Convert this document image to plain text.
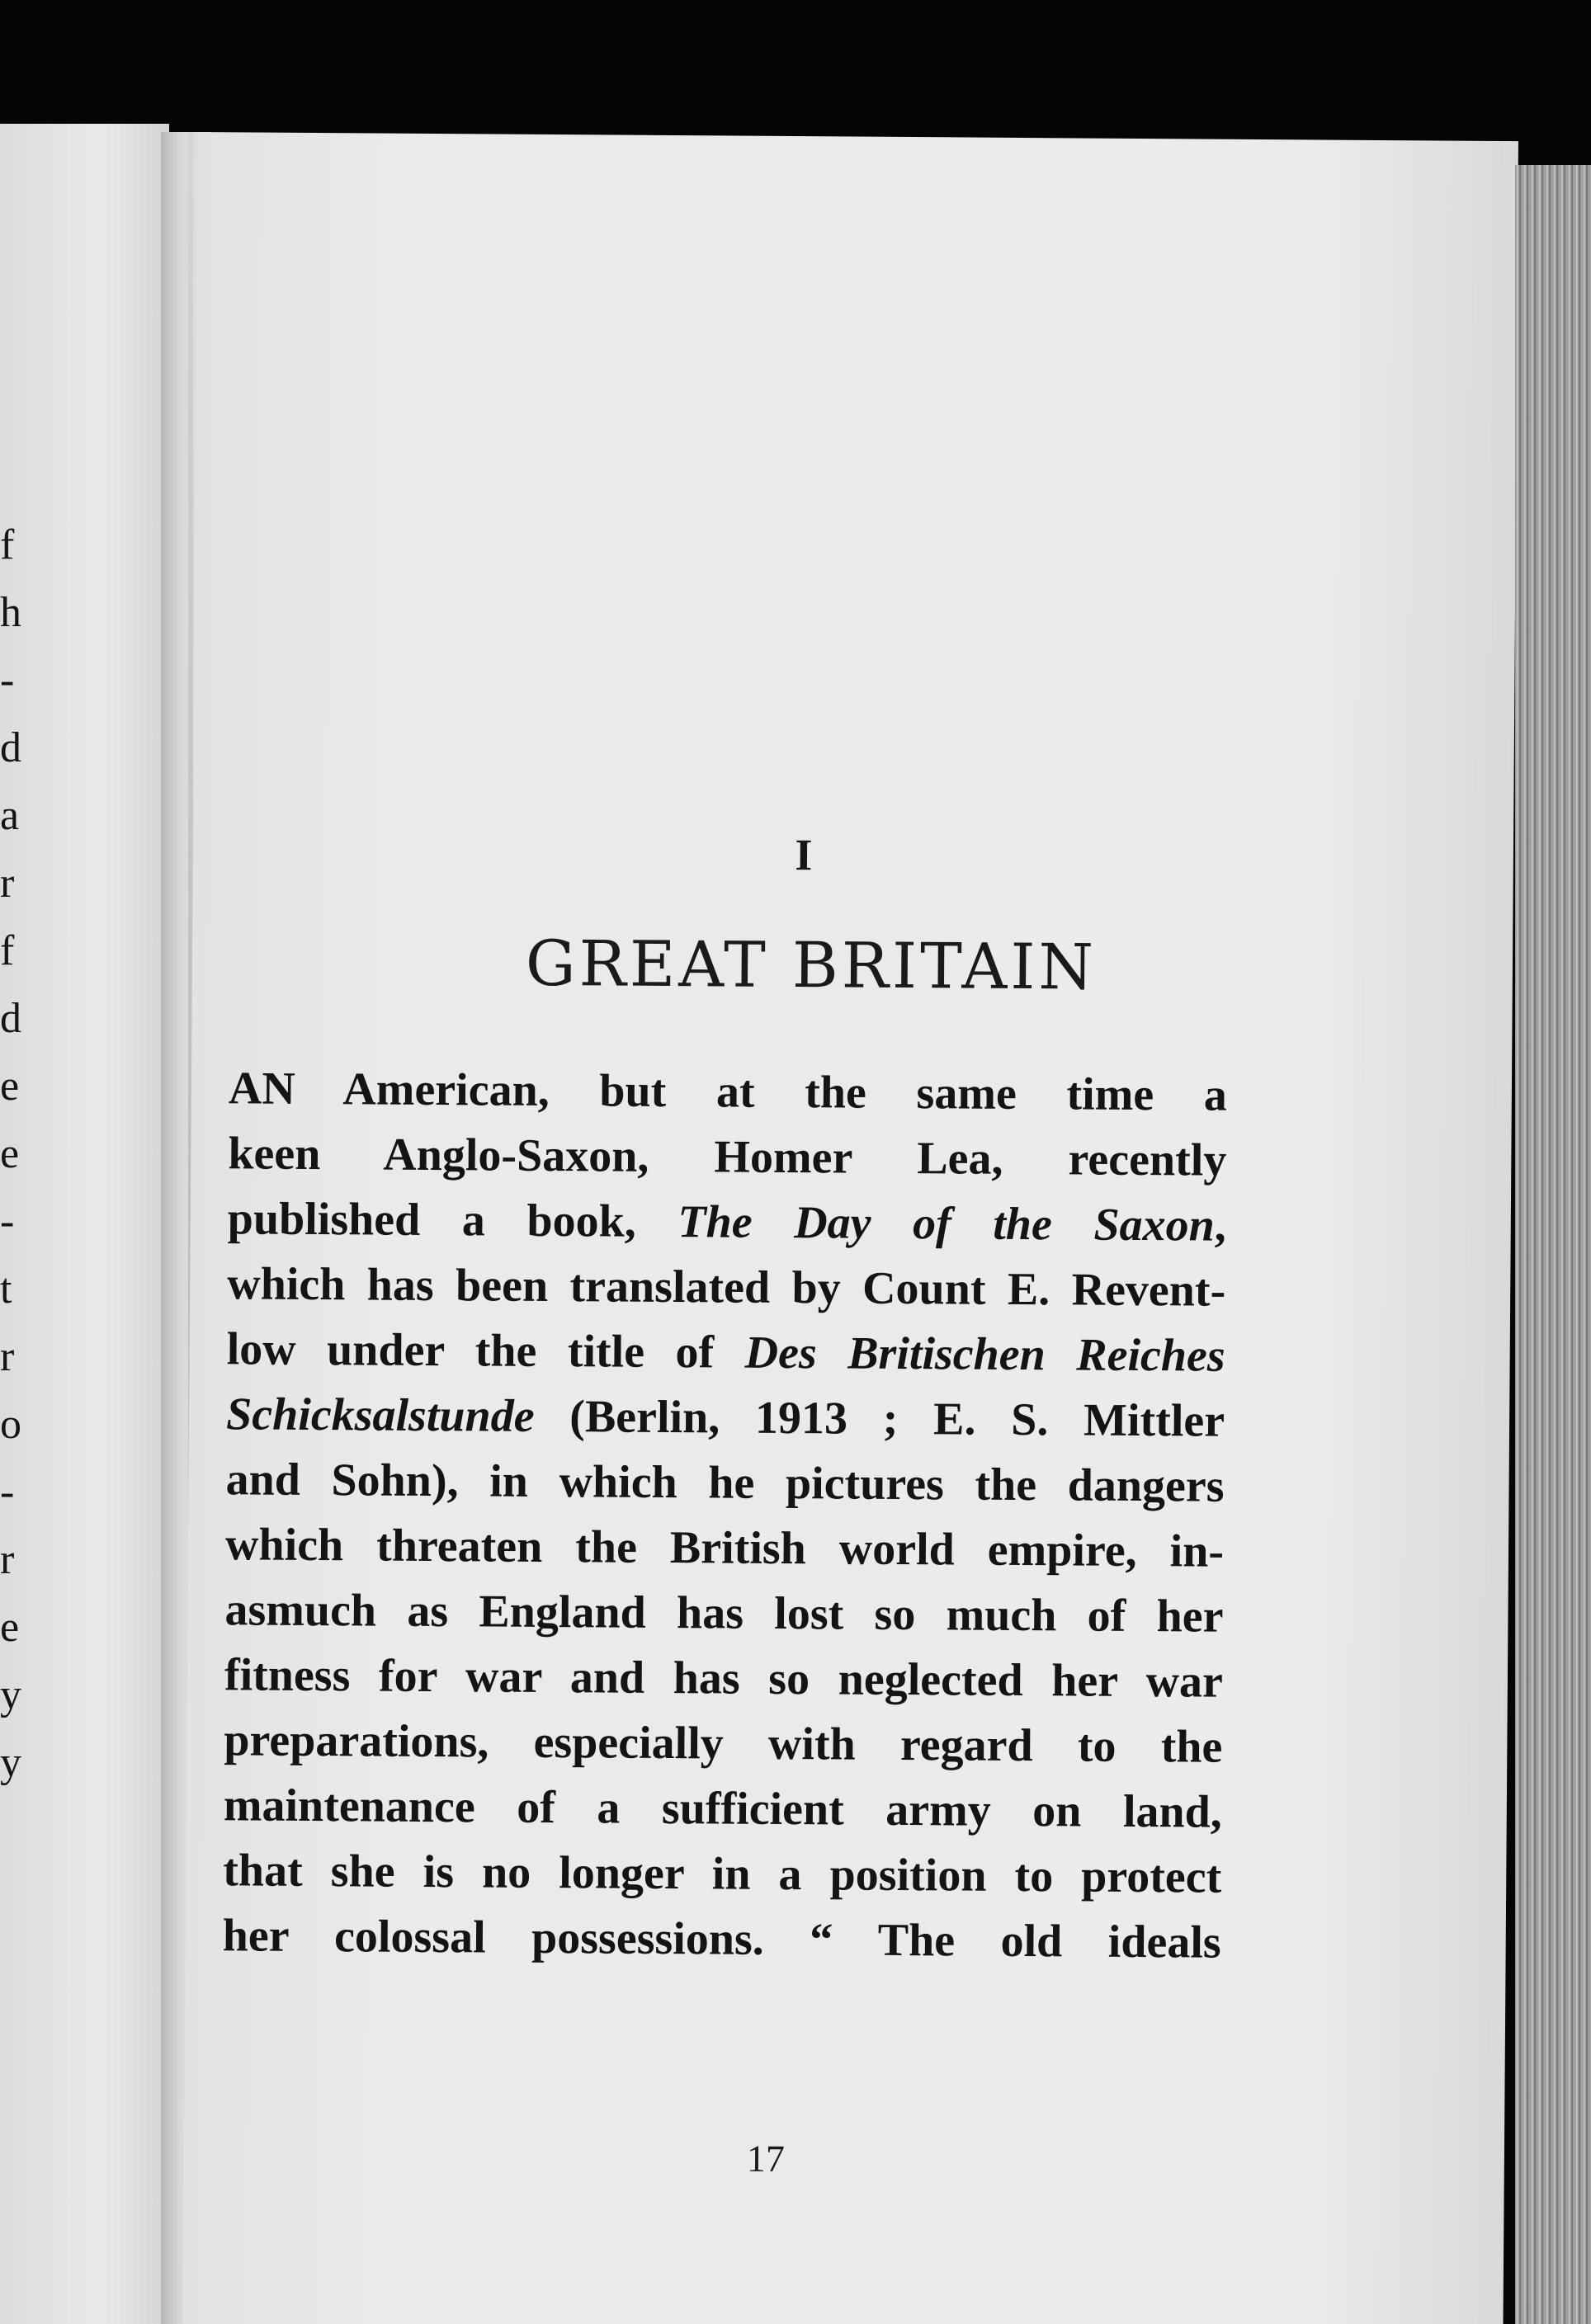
f
h
-
d
a
r
f
d
e
e
-
t
r
o
-
r
e
y
y
I
GREAT BRITAIN
AN American, but at the same time a
keen Anglo-Saxon, Homer Lea, recently
published a book, The Day of the Saxon,
which has been translated by Count E. Revent-
low under the title of Des Britischen Reiches
Schicksalstunde (Berlin, 1913 ; E. S. Mittler
and Sohn), in which he pictures the dangers
which threaten the British world empire, in-
asmuch as England has lost so much of her
fitness for war and has so neglected her war
preparations, especially with regard to the
maintenance of a sufficient army on land,
that she is no longer in a position to protect
her colossal possessions. “ The old ideals
17
